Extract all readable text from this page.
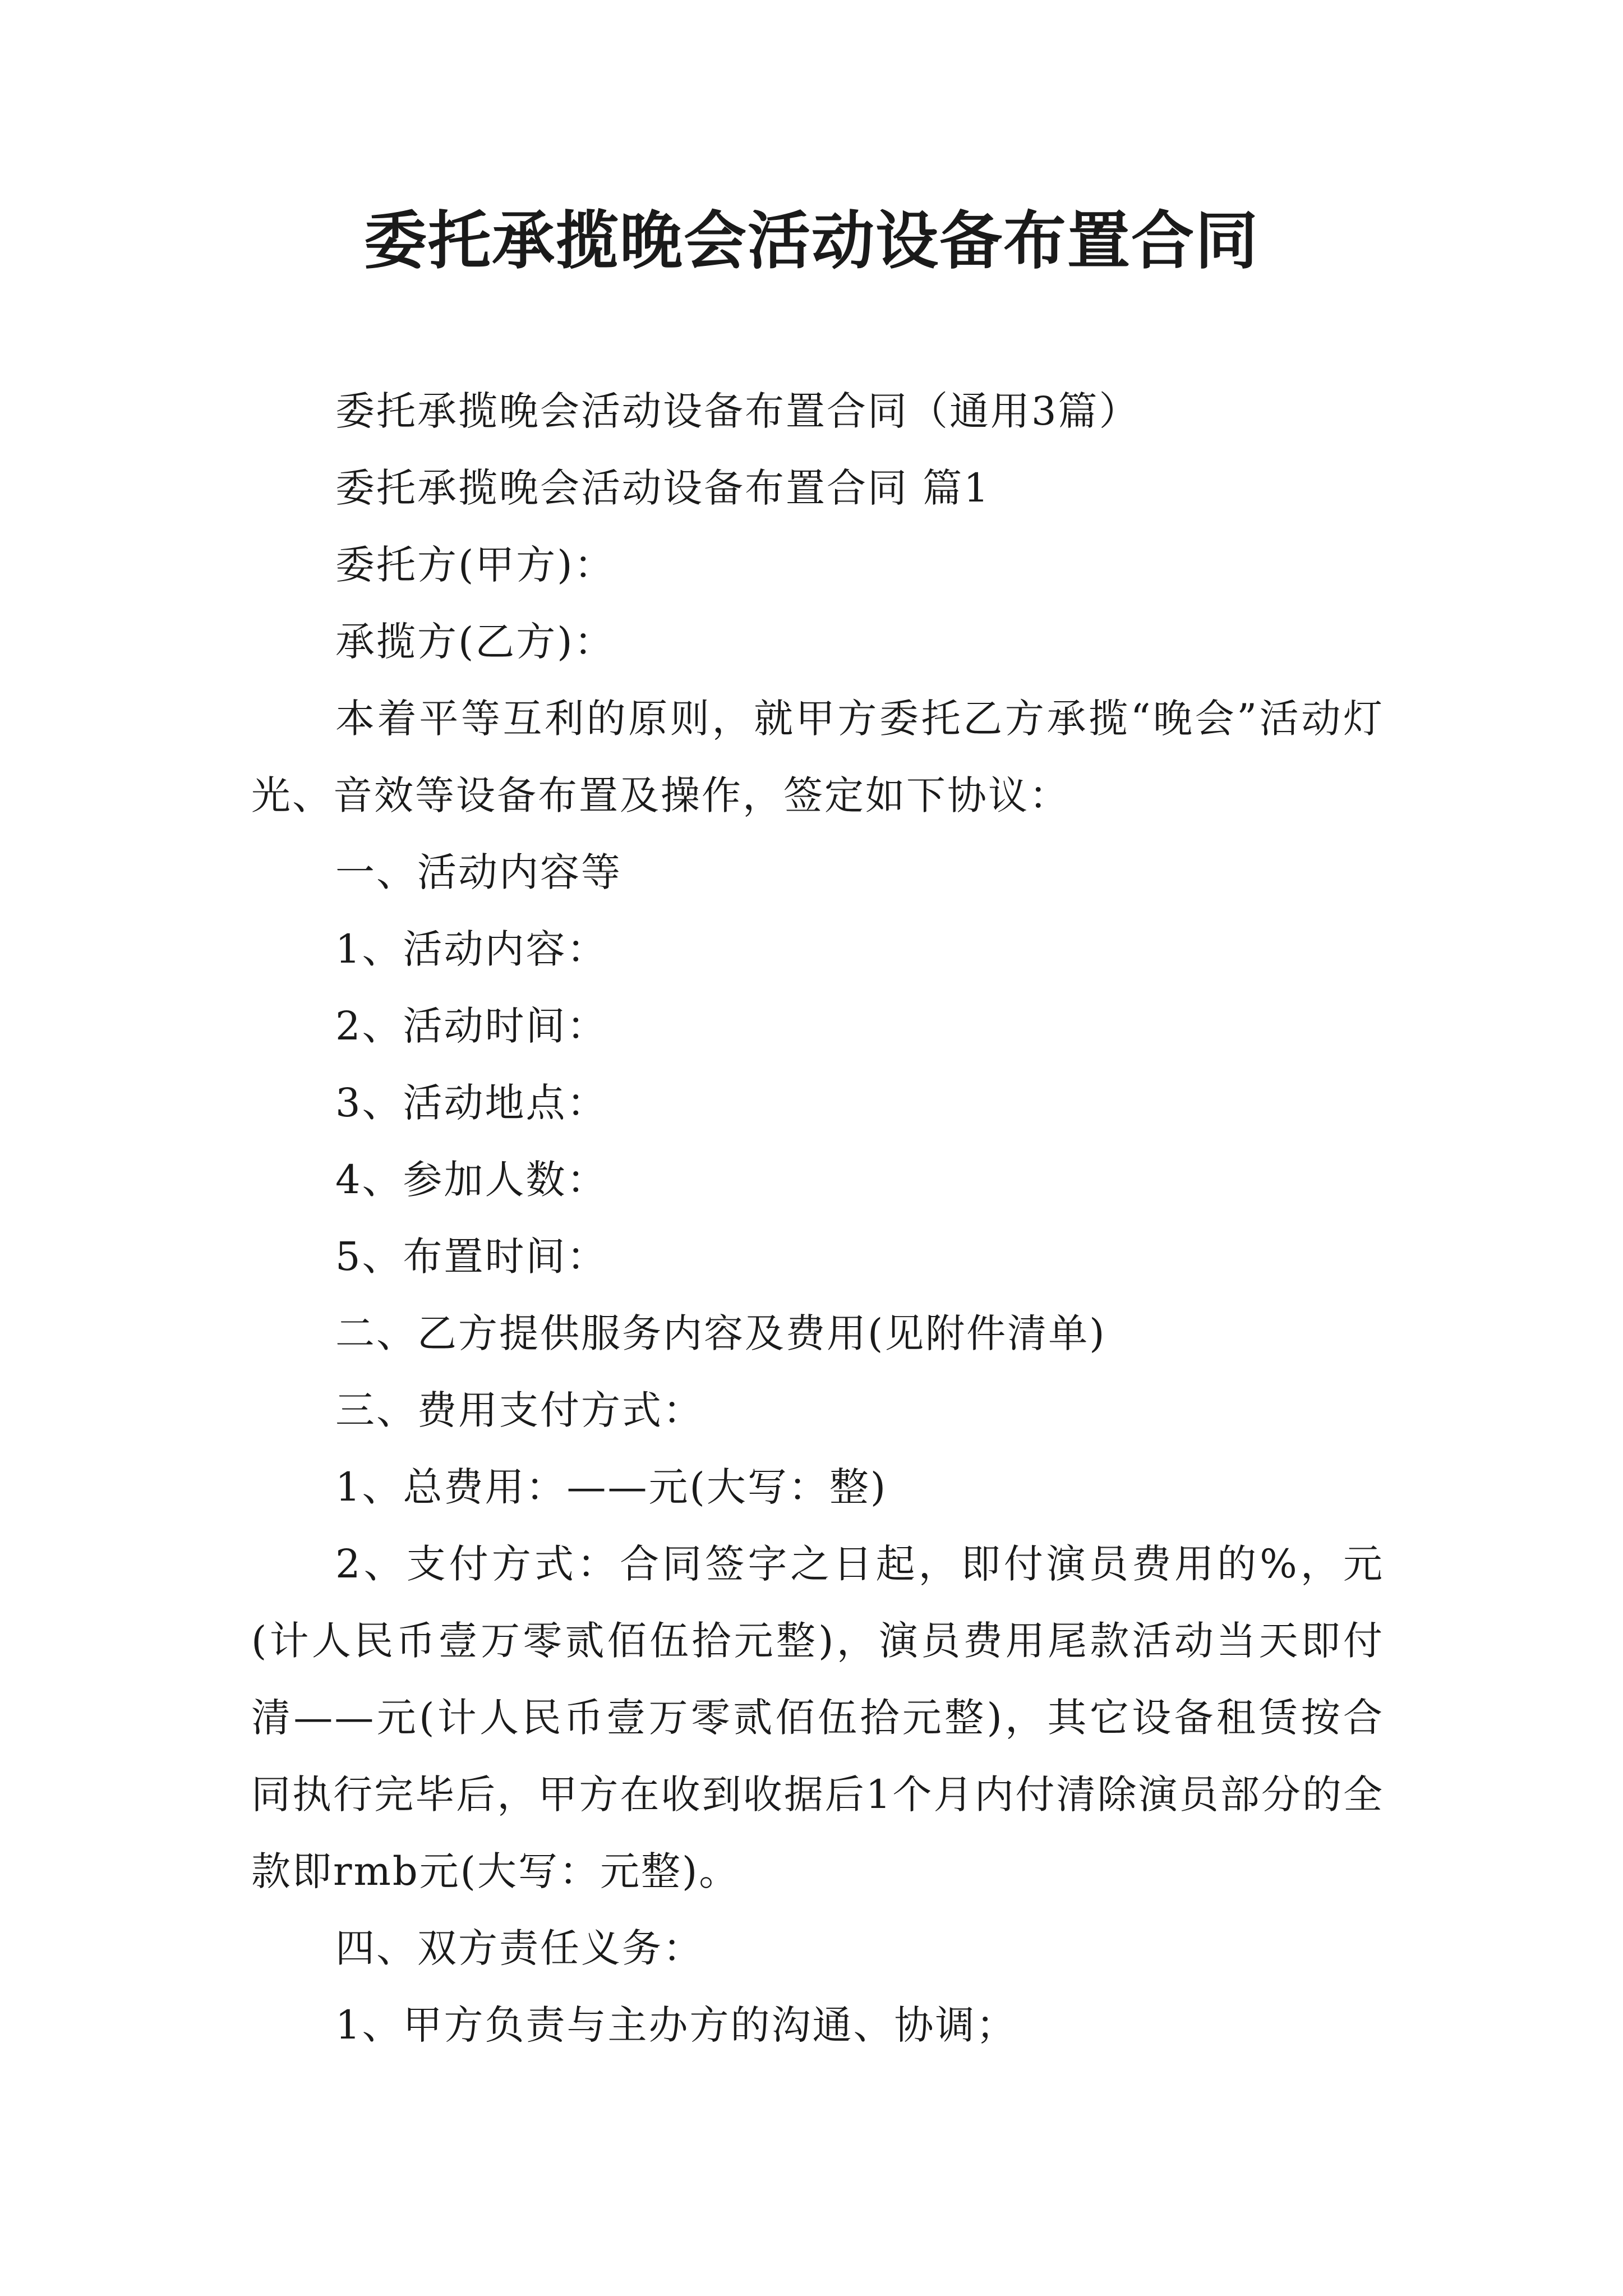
委托承揽晚会活动设备布置合同

委托承揽晚会活动设备布置合同（通用3篇）

委托承揽晚会活动设备布置合同 篇1

委托方(甲方)：

承揽方(乙方)：

本着平等互利的原则，就甲方委托乙方承揽“晚会”活动灯光、音效等设备布置及操作，签定如下协议：

一、活动内容等

1、活动内容：

2、活动时间：

3、活动地点：

4、参加人数：

5、布置时间：

二、乙方提供服务内容及费用(见附件清单)

三、费用支付方式：

1、总费用：——元(大写：整)

2、支付方式：合同签字之日起，即付演员费用的%，元(计人民币壹万零贰佰伍拾元整)，演员费用尾款活动当天即付清——元(计人民币壹万零贰佰伍拾元整)，其它设备租赁按合同执行完毕后，甲方在收到收据后1个月内付清除演员部分的全款即rmb元(大写：元整)。

四、双方责任义务：

1、甲方负责与主办方的沟通、协调；
